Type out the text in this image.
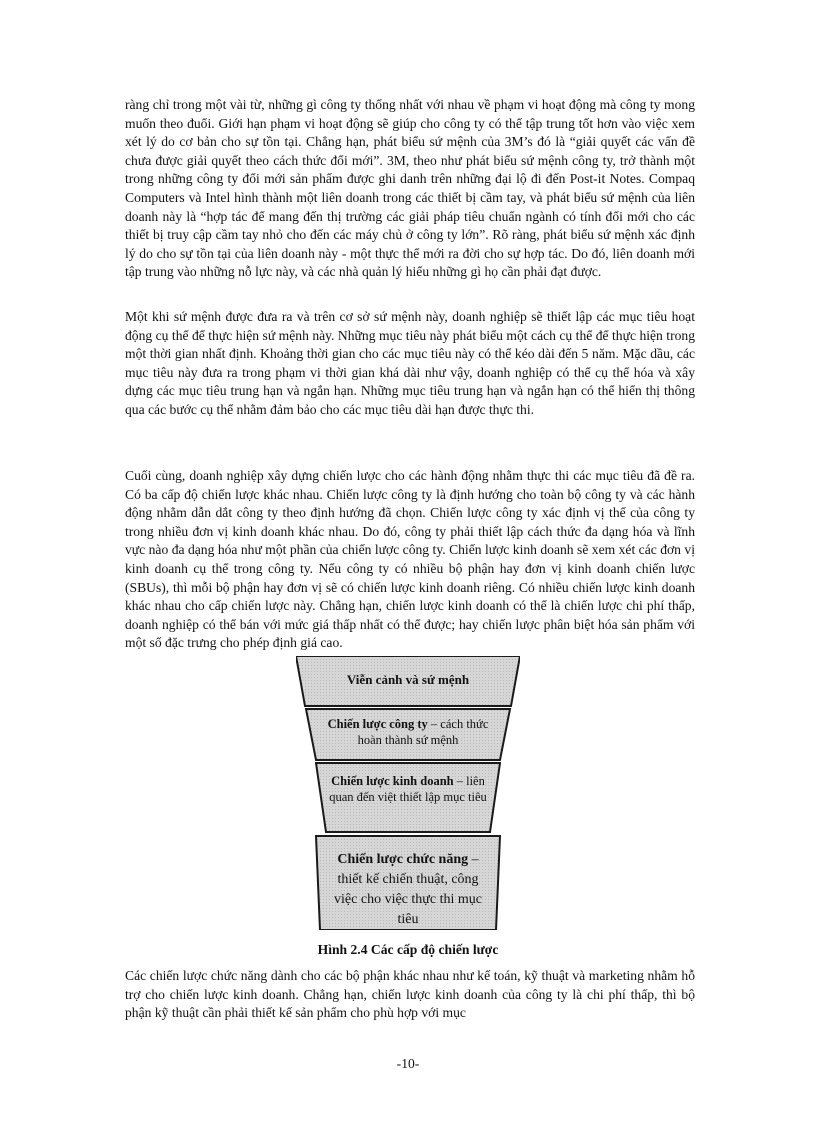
ràng chỉ trong một vài từ, những gì công ty thống nhất với nhau về phạm vi hoạt động mà công ty mong muốn theo đuổi. Giới hạn phạm vi hoạt động sẽ giúp cho công ty có thể tập trung tốt hơn vào việc xem xét lý do cơ bản cho sự tồn tại. Chẳng hạn, phát biểu sứ mệnh của 3M’s đó là “giải quyết các vấn đề chưa được giải quyết theo cách thức đổi mới”. 3M, theo như phát biểu sứ mệnh công ty, trở thành một trong những công ty đổi mới sản phẩm được ghi danh trên những đại lộ đi đến Post-it Notes. Compaq Computers và Intel hình thành một liên doanh trong các thiết bị cầm tay, và phát biểu sứ mệnh của liên doanh này là “hợp tác để mang đến thị trường các giải pháp tiêu chuẩn ngành có tính đổi mới cho các thiết bị truy cập cầm tay nhỏ cho đến các máy chủ ở công ty lớn”. Rõ ràng, phát biểu sứ mệnh xác định lý do cho sự tồn tại của liên doanh này - một thực thể mới ra đời cho sự hợp tác. Do đó, liên doanh mới tập trung vào những nỗ lực này, và các nhà quản lý hiểu những gì họ cần phải đạt được.

Một khi sứ mệnh được đưa ra và trên cơ sở sứ mệnh này, doanh nghiệp sẽ thiết lập các mục tiêu hoạt động cụ thể để thực hiện sứ mệnh này. Những mục tiêu này phát biểu một cách cụ thể để thực hiện trong một thời gian nhất định. Khoảng thời gian cho các mục tiêu này có thể kéo dài đến 5 năm. Mặc dầu, các mục tiêu này đưa ra trong phạm vi thời gian khá dài như vậy, doanh nghiệp có thể cụ thể hóa và xây dựng các mục tiêu trung hạn và ngắn hạn. Những mục tiêu trung hạn và ngắn hạn có thể hiển thị thông qua các bước cụ thể nhằm đảm bảo cho các mục tiêu dài hạn được thực thi.

Cuối cùng, doanh nghiệp xây dựng chiến lược cho các hành động nhằm thực thi các mục tiêu đã đề ra. Có ba cấp độ chiến lược khác nhau. Chiến lược công ty là định hướng cho toàn bộ công ty và các hành động nhằm dẫn dắt công ty theo định hướng đã chọn. Chiến lược công ty xác định vị thế của công ty trong nhiều đơn vị kinh doanh khác nhau. Do đó, công ty phải thiết lập cách thức đa dạng hóa và lĩnh vực nào đa dạng hóa như một phần của chiến lược công ty. Chiến lược kinh doanh sẽ xem xét các đơn vị kinh doanh cụ thể trong công ty. Nếu công ty có nhiều bộ phận hay đơn vị kinh doanh chiến lược (SBUs), thì mỗi bộ phận hay đơn vị sẽ có chiến lược kinh doanh riêng. Có nhiều chiến lược kinh doanh khác nhau cho cấp chiến lược này. Chẳng hạn, chiến lược kinh doanh có thể là chiến lược chi phí thấp, doanh nghiệp có thể bán với mức giá thấp nhất có thể được; hay chiến lược phân biệt hóa sản phẩm với một số đặc trưng cho phép định giá cao.

Viễn cảnh và sứ mệnh
Chiến lược công ty – cách thức hoàn thành sứ mệnh
Chiến lược kinh doanh – liên quan đến việt thiết lập mục tiêu
Chiến lược chức năng – thiết kế chiến thuật, công việc cho việc thực thi mục tiêu
Hình 2.4 Các cấp độ chiến lược

Các chiến lược chức năng dành cho các bộ phận khác nhau như kế toán, kỹ thuật và marketing nhằm hỗ trợ cho chiến lược kinh doanh. Chẳng hạn, chiến lược kinh doanh của công ty là chi phí thấp, thì bộ phận kỹ thuật cần phải thiết kế sản phẩm cho phù hợp với mục

-10-
